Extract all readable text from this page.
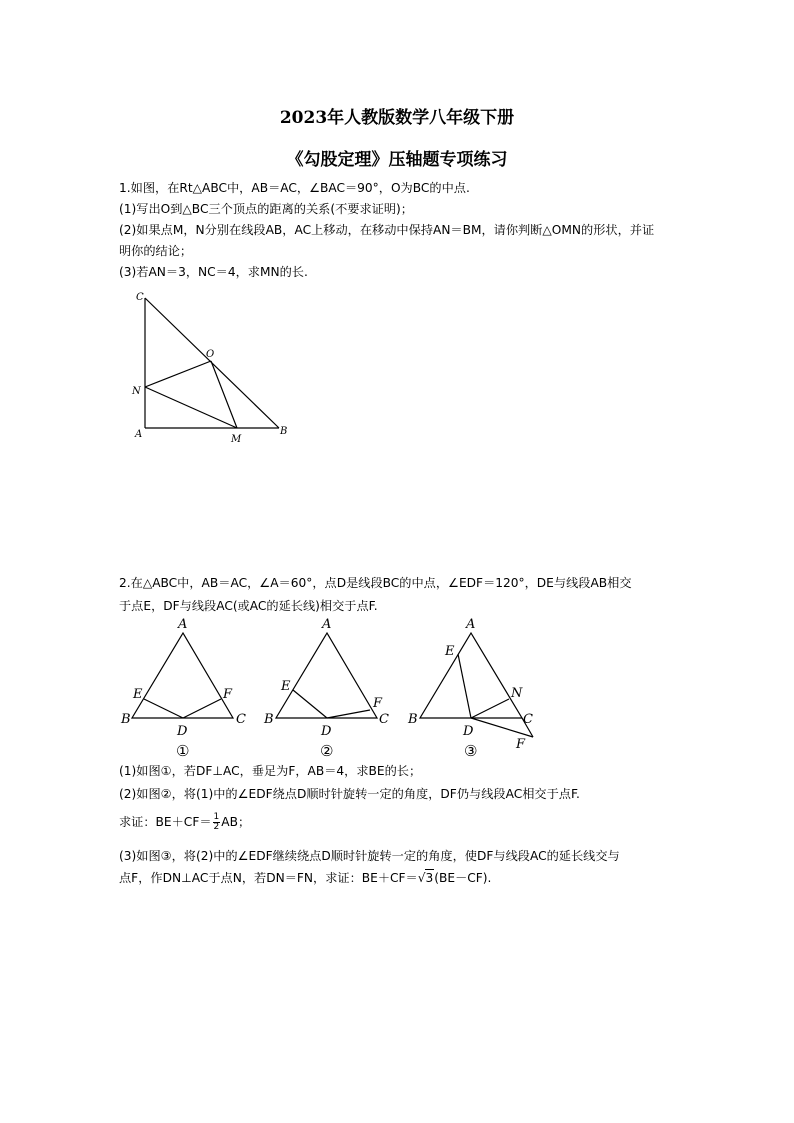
2023年人教版数学八年级下册
《勾股定理》压轴题专项练习
1.如图，在Rt△ABC中，AB＝AC，∠BAC＝90°，O为BC的中点.
(1)写出O到△BC三个顶点的距离的关系(不要求证明)；
(2)如果点M，N分别在线段AB，AC上移动，在移动中保持AN＝BM，请你判断△OMN的形状，并证
明你的结论；
(3)若AN＝3，NC＝4，求MN的长.
C
O
N
A	M
B
2.在△ABC中，AB＝AC，∠A＝60°，点D是线段BC的中点，∠EDF＝120°，DE与线段AB相交
于点E，DF与线段AC(或AC的延长线)相交于点F.
A
B	C
D
E	F
①
A
B	C
D
E
F
②
A
B	C
D
E
F
N
③
(1)如图①，若DF⊥AC，垂足为F，AB＝4，求BE的长；
(2)如图②，将(1)中的∠EDF绕点D顺时针旋转一定的角度，DF仍与线段AC相交于点F.
求证：$BE+CF= \frac{1}{2}$ AB；
(3)如图③，将(2)中的∠EDF继续绕点D顺时针旋转一定的角度，使DF与线段AC的延长线交与
点F，作DN⊥AC于点N，若DN＝FN，求证：BE＋CF＝√3(BE－CF).
